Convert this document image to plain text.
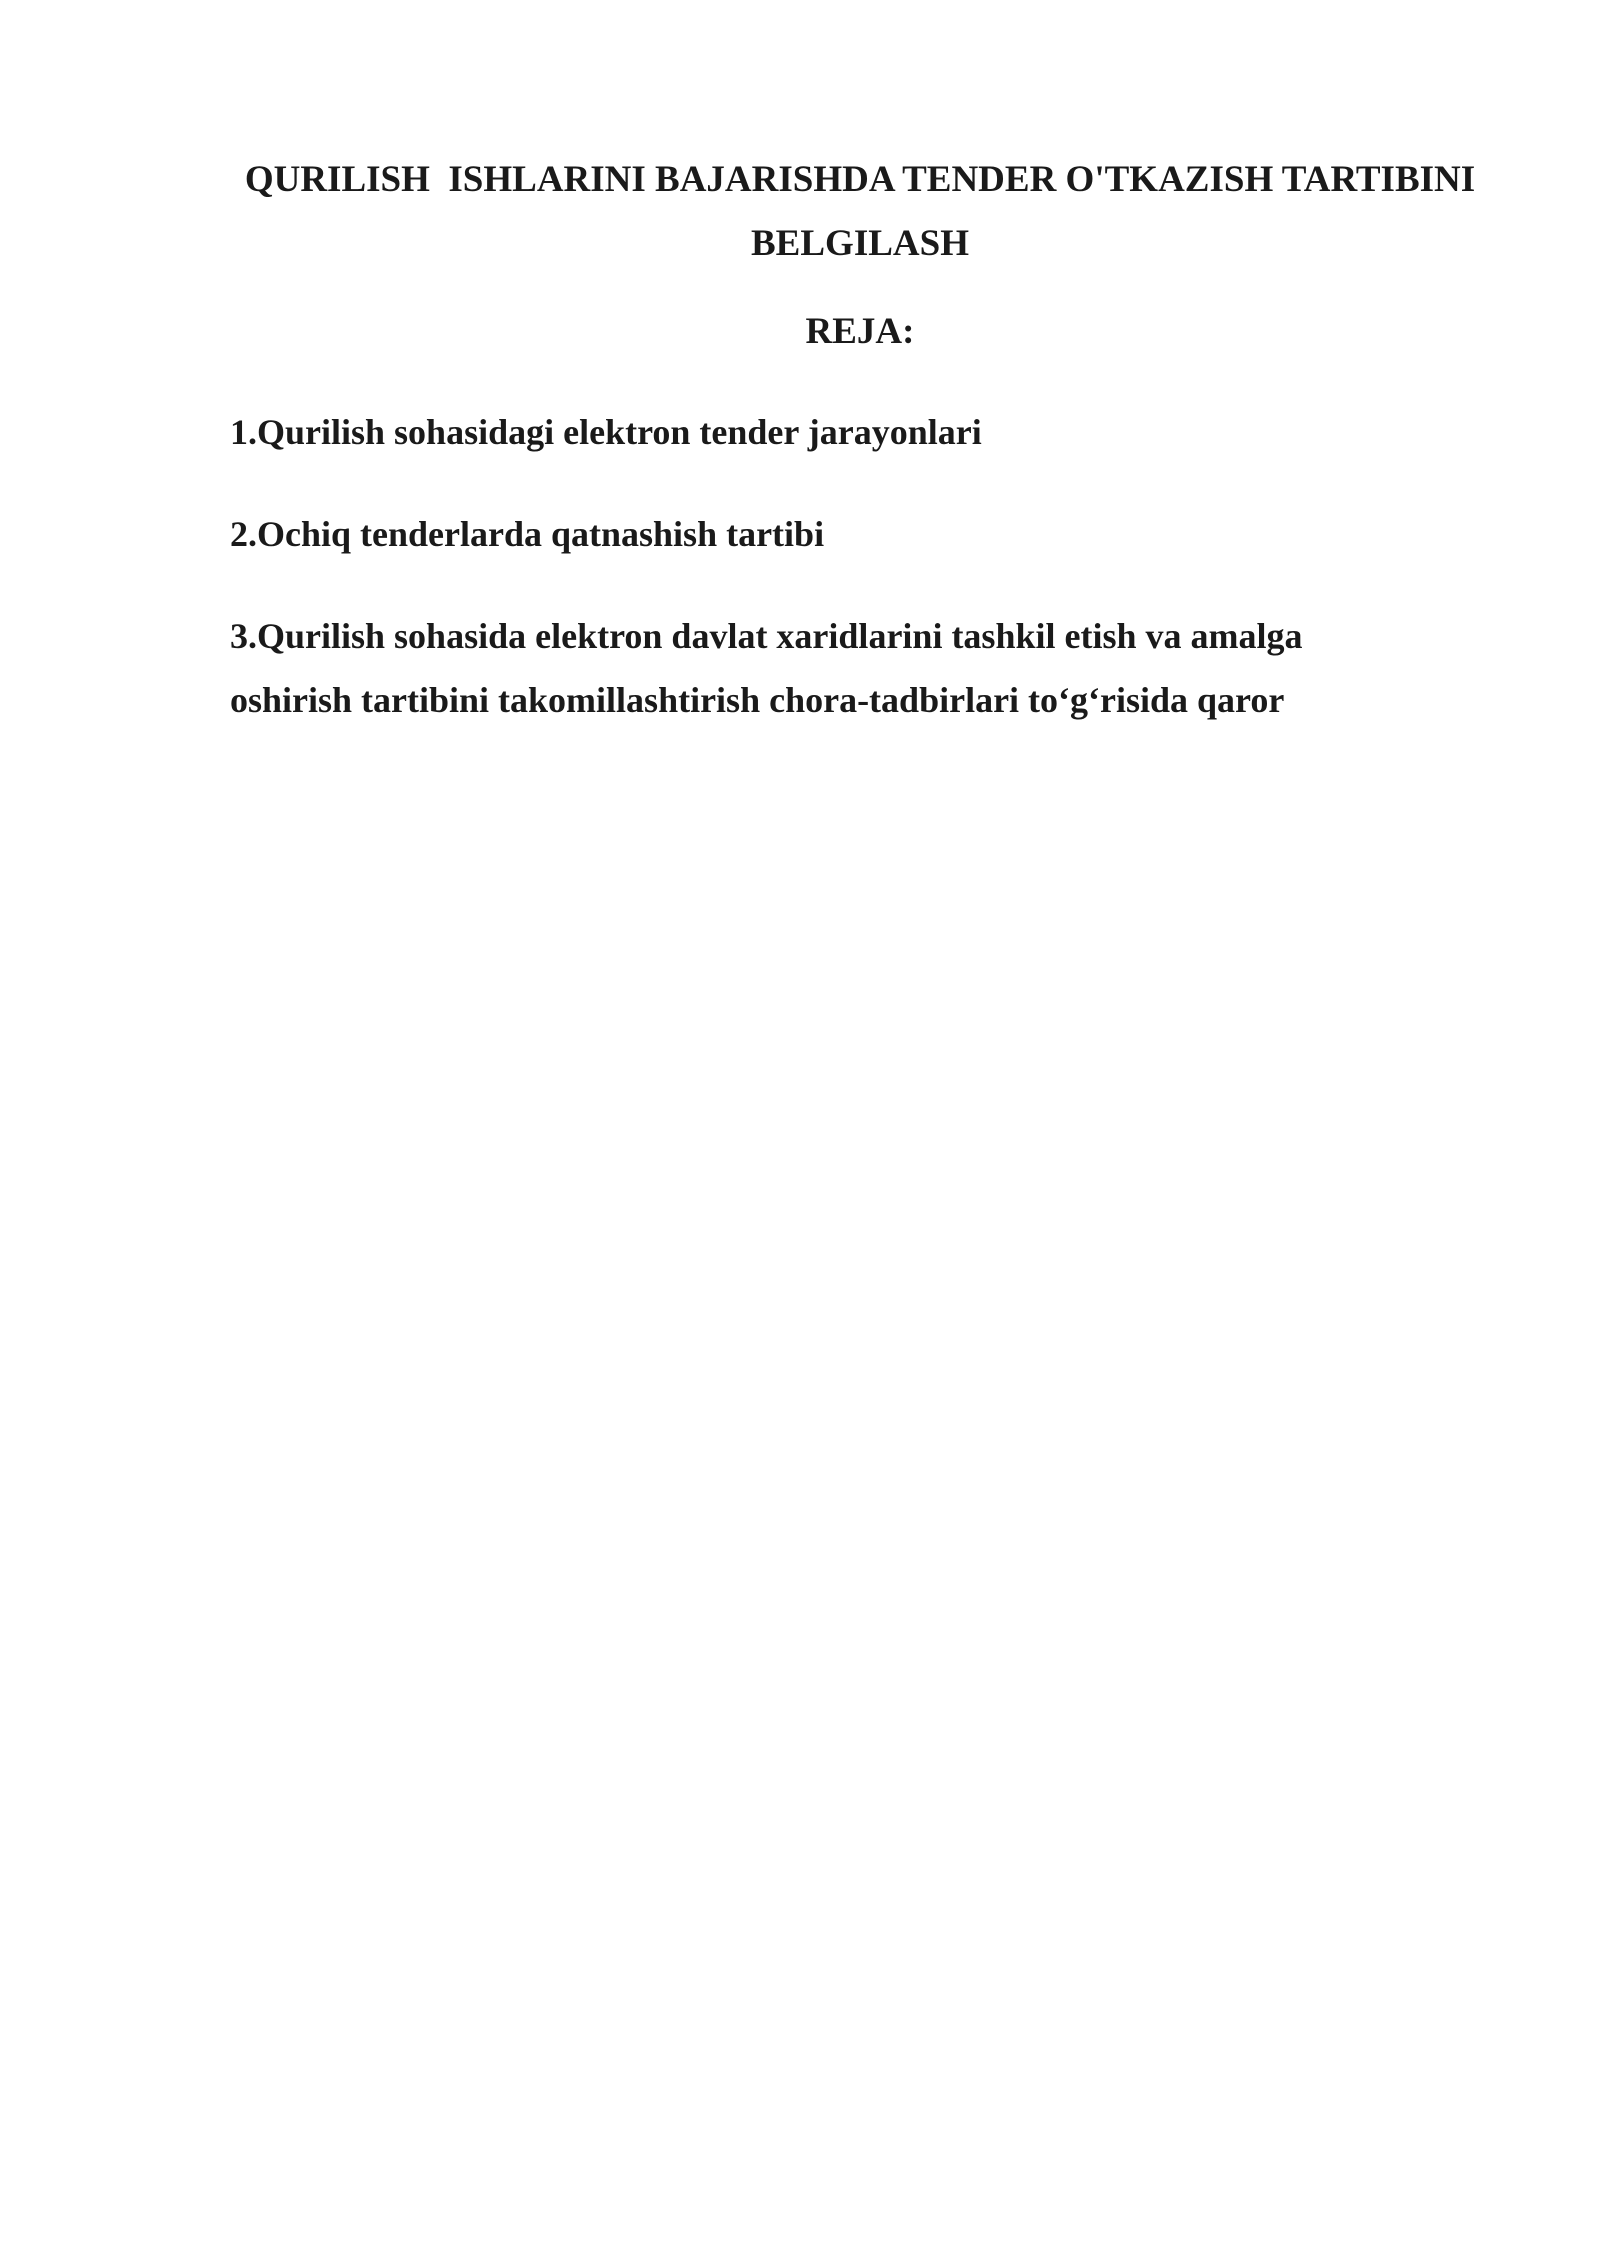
QURILISH  ISHLARINI BAJARISHDA TENDER O'TKAZISH TARTIBINI
BELGILASH
REJA:
1.Qurilish sohasidagi elektron tender jarayonlari
2.Ochiq tenderlarda qatnashish tartibi
3.Qurilish sohasida elektron davlat xaridlarini tashkil etish va amalga
oshirish tartibini takomillashtirish chora-tadbirlari to‘g‘risida qaror
